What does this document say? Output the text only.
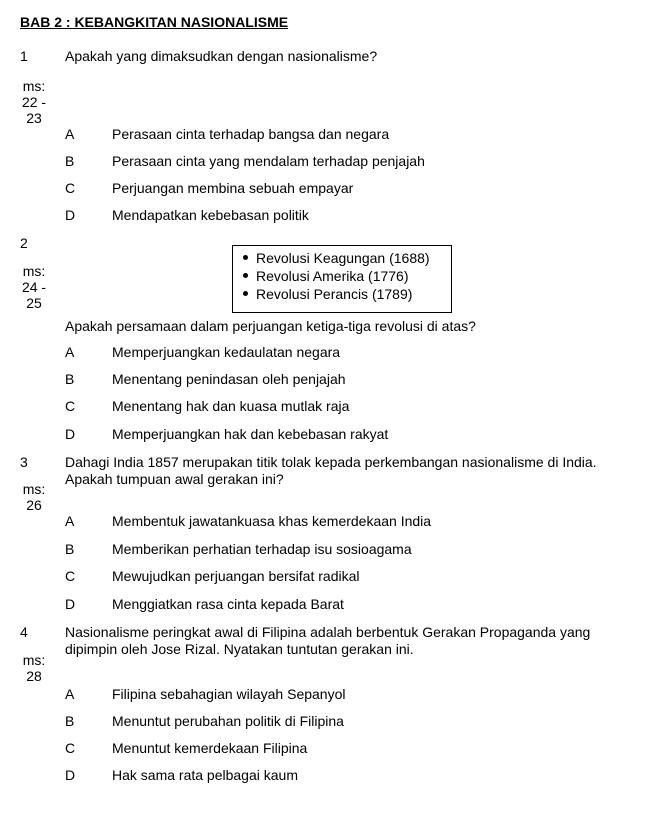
BAB 2 : KEBANGKITAN NASIONALISME
1	Apakah yang dimaksudkan dengan nasionalisme?
ms:
22 -
23
A	Perasaan cinta terhadap bangsa dan negara
B	Perasaan cinta yang mendalam terhadap penjajah
C	Perjuangan membina sebuah empayar
D	Mendapatkan kebebasan politik
2
ms:
24 -
25
Revolusi Keagungan (1688)
Revolusi Amerika (1776)
Revolusi Perancis (1789)
Apakah persamaan dalam perjuangan ketiga-tiga revolusi di atas?
A	Memperjuangkan kedaulatan negara
B	Menentang penindasan oleh penjajah
C	Menentang hak dan kuasa mutlak raja
D	Memperjuangkan hak dan kebebasan rakyat
3	Dahagi India 1857 merupakan titik tolak kepada perkembangan nasionalisme di India.
Apakah tumpuan awal gerakan ini?
ms:
26
A	Membentuk jawatankuasa khas kemerdekaan India
B	Memberikan perhatian terhadap isu sosioagama
C	Mewujudkan perjuangan bersifat radikal
D	Menggiatkan rasa cinta kepada Barat
4	Nasionalisme peringkat awal di Filipina adalah berbentuk Gerakan Propaganda yang
dipimpin oleh Jose Rizal. Nyatakan tuntutan gerakan ini.
ms:
28
A	Filipina sebahagian wilayah Sepanyol
B	Menuntut perubahan politik di Filipina
C	Menuntut kemerdekaan Filipina
D	Hak sama rata pelbagai kaum
